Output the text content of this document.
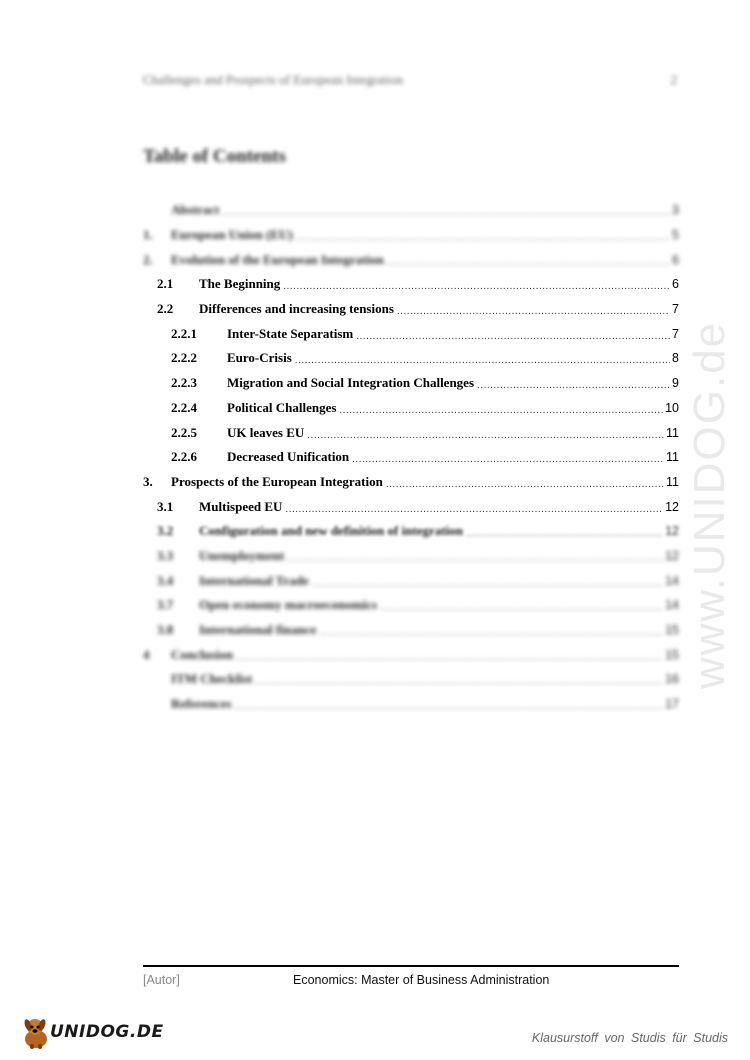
Challenges and Prospects of European Integration	2
Table of Contents
Abstract .....	3
1.	European Union (EU) .....	5
2.	Evolution of the European Integration .....	6
2.1	The Beginning .....	6
2.2	Differences and increasing tensions .....	7
2.2.1	Inter-State Separatism .....	7
2.2.2	Euro-Crisis .....	8
2.2.3	Migration and Social Integration Challenges .....	9
2.2.4	Political Challenges .....	10
2.2.5	UK leaves EU .....	11
2.2.6	Decreased Unification .....	11
3.	Prospects of the European Integration .....	11
3.1	Multispeed EU .....	12
3.2	Configuration and new definition of integration .....	12
3.3	Unemployment .....	12
3.4	International Trade .....	14
3.7	Open economy macroeconomics .....	14
3.8	International finance .....	15
4	Conclusion .....	15
ITM Checklist .....	16
References .....	17
www.UNIDOG.de
[Autor]	Economics: Master of Business Administration
UNIDOG.DE	Klausurstoff von Studis für Studis
